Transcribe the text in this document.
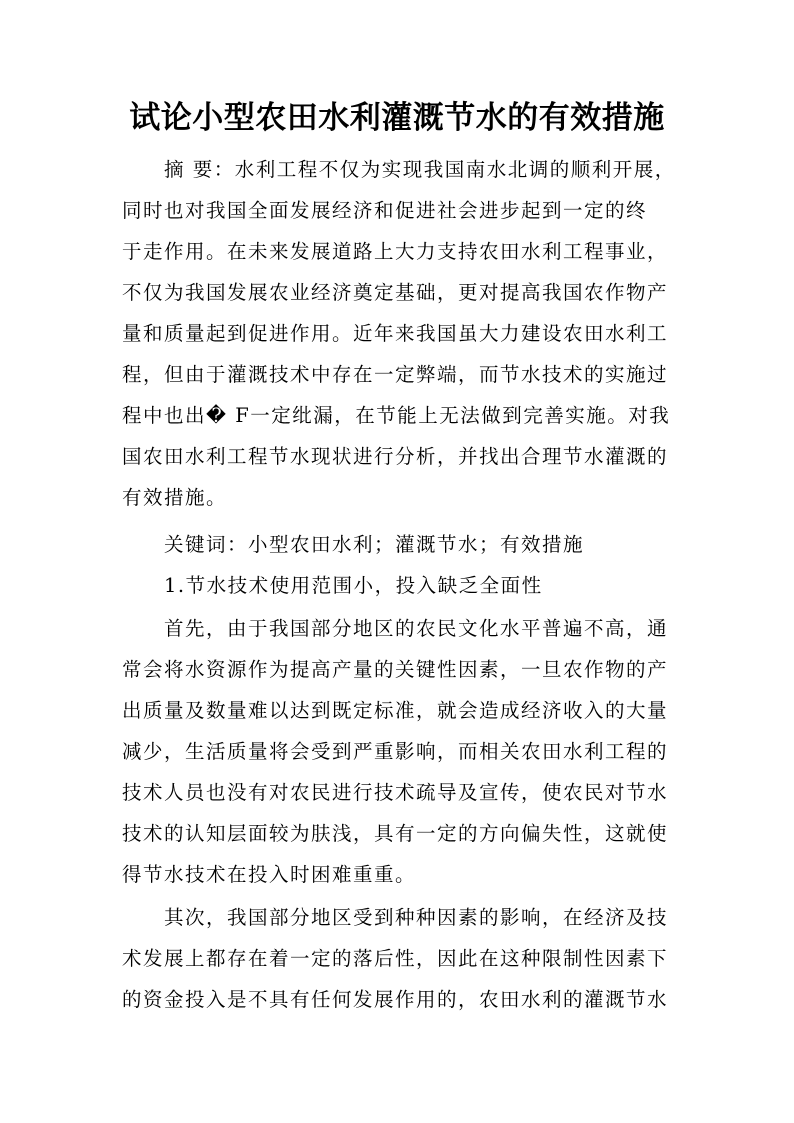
试论小型农田水利灌溉节水的有效措施
摘 要：水利工程不仅为实现我国南水北调的顺利开展，
同时也对我国全面发展经济和促进社会进步起到一定的终
于走作用。在未来发展道路上大力支持农田水利工程事业，
不仅为我国发展农业经济奠定基础，更对提高我国农作物产
量和质量起到促进作用。近年来我国虽大力建设农田水利工
程，但由于灌溉技术中存在一定弊端，而节水技术的实施过
程中也出� F一定纰漏，在节能上无法做到完善实施。对我
国农田水利工程节水现状进行分析，并找出合理节水灌溉的
有效措施。
关键词：小型农田水利；灌溉节水；有效措施
1.节水技术使用范围小，投入缺乏全面性
首先，由于我国部分地区的农民文化水平普遍不高，通
常会将水资源作为提高产量的关键性因素，一旦农作物的产
出质量及数量难以达到既定标准，就会造成经济收入的大量
减少，生活质量将会受到严重影响，而相关农田水利工程的
技术人员也没有对农民进行技术疏导及宣传，使农民对节水
技术的认知层面较为肤浅，具有一定的方向偏失性，这就使
得节水技术在投入时困难重重。
其次，我国部分地区受到种种因素的影响，在经济及技
术发展上都存在着一定的落后性，因此在这种限制性因素下
的资金投入是不具有任何发展作用的，农田水利的灌溉节水
